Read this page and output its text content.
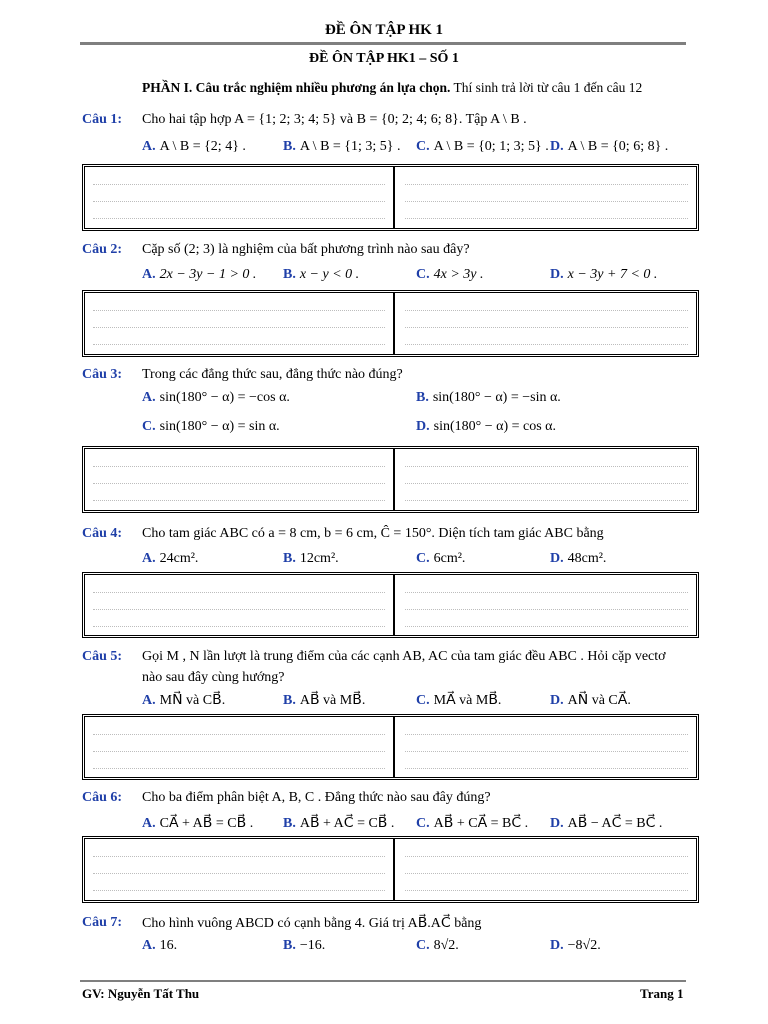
ĐỀ ÔN TẬP HK 1
ĐỀ ÔN TẬP HK1 – SỐ 1
PHẦN I. Câu trắc nghiệm nhiều phương án lựa chọn. Thí sinh trả lời từ câu 1 đến câu 12
Câu 1: Cho hai tập hợp A = {1; 2; 3; 4; 5} và B = {0; 2; 4; 6; 8}. Tập A \ B .
A. A \ B = {2; 4} .	B. A \ B = {1; 3; 5} . C. A \ B = {0; 1; 3; 5} . D. A \ B = {0; 6; 8} .
Câu 2: Cặp số (2; 3) là nghiệm của bất phương trình nào sau đây?
A. 2x − 3y − 1 > 0 . B. x − y < 0 .	C. 4x > 3y .	D. x − 3y + 7 < 0 .
Câu 3: Trong các đẳng thức sau, đẳng thức nào đúng?
A. sin(180° − α) = −cos α.	B. sin(180° − α) = −sin α.
C. sin(180° − α) = sin α.	D. sin(180° − α) = cos α.
Câu 4: Cho tam giác ABC có a = 8 cm, b = 6 cm, Ĉ = 150°. Diện tích tam giác ABC bằng
A. 24cm².	B. 12cm².	C. 6cm².	D. 48cm².
Câu 5: Gọi M , N lần lượt là trung điểm của các cạnh AB, AC của tam giác đều ABC . Hỏi cặp vectơ
nào sau đây cùng hướng?
A. MN⃗ và CB⃗.	B. AB⃗ và MB⃗.	C. MA⃗ và MB⃗.	D. AN⃗ và CA⃗.
Câu 6: Cho ba điểm phân biệt A, B, C . Đẳng thức nào sau đây đúng?
A. CA⃗ + AB⃗ = CB⃗ . B. AB⃗ + AC⃗ = CB⃗ . C. AB⃗ + CA⃗ = BC⃗ . D. AB⃗ − AC⃗ = BC⃗ .
Câu 7: Cho hình vuông ABCD có cạnh bằng 4. Giá trị AB⃗.AC⃗ bằng
A. 16.	B. −16.	C. 8√2.	D. −8√2.
GV: Nguyễn Tất Thu	Trang 1
